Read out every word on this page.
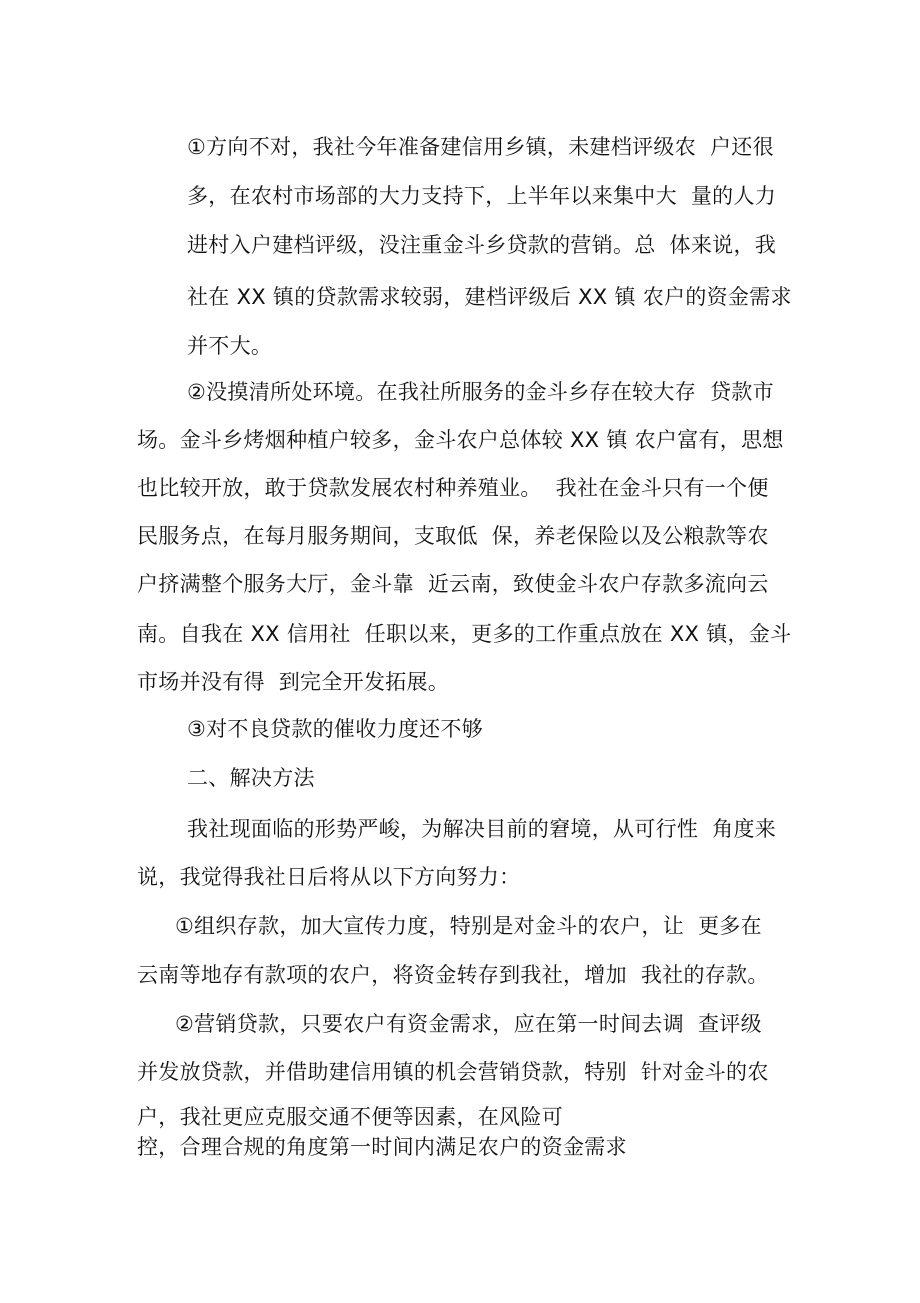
①方向不对，我社今年准备建信用乡镇，未建档评级农  户还很
多，在农村市场部的大力支持下，上半年以来集中大  量的人力
进村入户建档评级，没注重金斗乡贷款的营销。总  体来说，我
社在 XX 镇的贷款需求较弱，建档评级后 XX 镇 农户的资金需求
并不大。
②没摸清所处环境。在我社所服务的金斗乡存在较大存  贷款市
场。金斗乡烤烟种植户较多，金斗农户总体较 XX 镇 农户富有，思想
也比较开放，敢于贷款发展农村种养殖业。  我社在金斗只有一个便
民服务点，在每月服务期间，支取低  保，养老保险以及公粮款等农
户挤满整个服务大厅，金斗靠  近云南，致使金斗农户存款多流向云
南。自我在 XX 信用社  任职以来，更多的工作重点放在 XX 镇，金斗
市场并没有得  到完全开发拓展。
③对不良贷款的催收力度还不够
二、解决方法
我社现面临的形势严峻，为解决目前的窘境，从可行性  角度来
说，我觉得我社日后将从以下方向努力：
①组织存款，加大宣传力度，特别是对金斗的农户，让  更多在
云南等地存有款项的农户，将资金转存到我社，增加  我社的存款。
②营销贷款，只要农户有资金需求，应在第一时间去调  查评级
并发放贷款，并借助建信用镇的机会营销贷款，特别  针对金斗的农
户，我社更应克服交通不便等因素，在风险可
控，合理合规的角度第一时间内满足农户的资金需求
